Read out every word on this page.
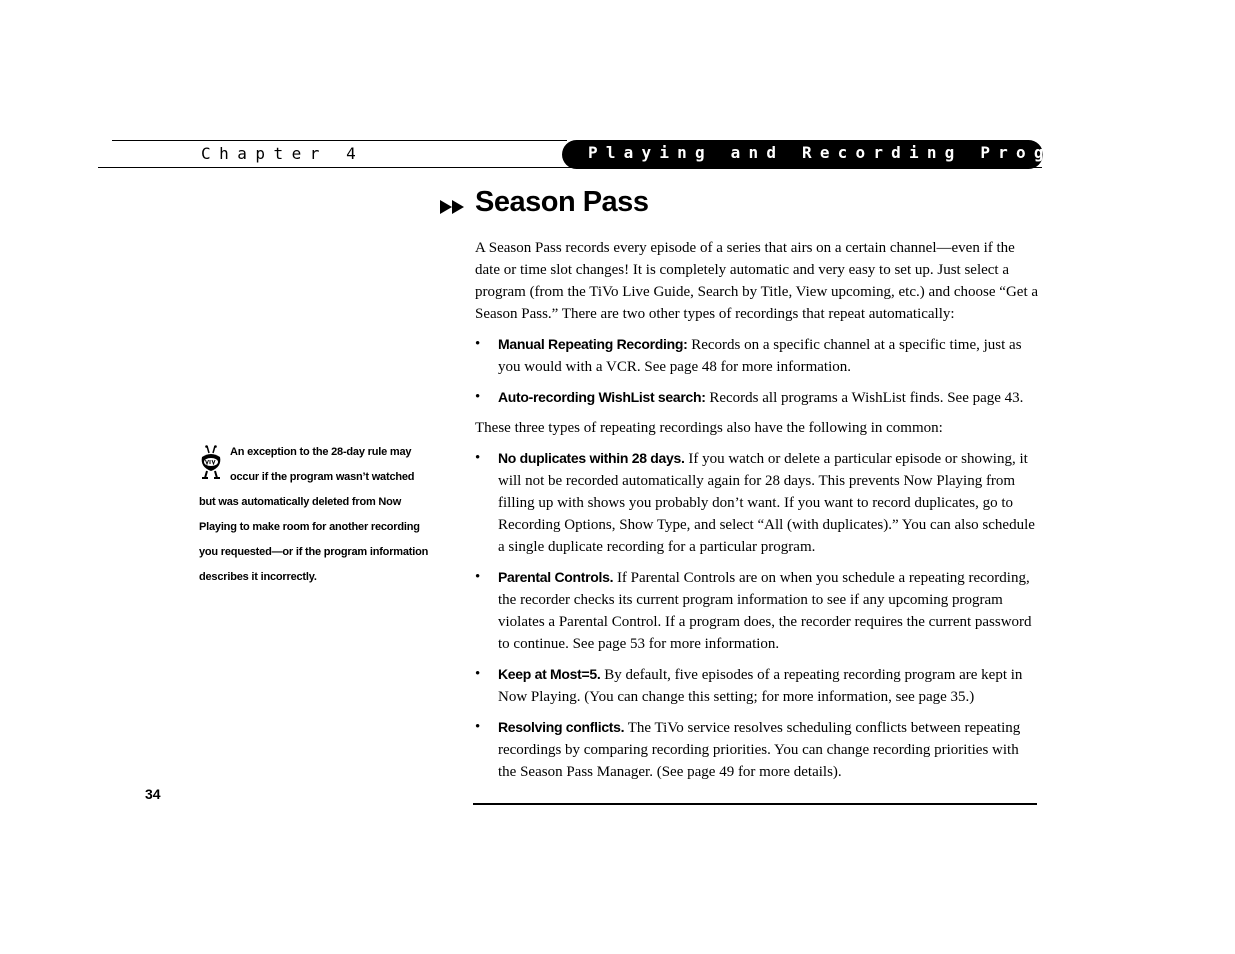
Chapter 4	Playing and Recording Programs
Season Pass

A Season Pass records every episode of a series that airs on a certain channel—even if the date or time slot changes! It is completely automatic and very easy to set up. Just select a program (from the TiVo Live Guide, Search by Title, View upcoming, etc.) and choose “Get a Season Pass.” There are two other types of recordings that repeat automatically:

• Manual Repeating Recording: Records on a specific channel at a specific time, just as you would with a VCR. See page 48 for more information.
• Auto-recording WishList search: Records all programs a WishList finds. See page 43.

These three types of repeating recordings also have the following in common:

• No duplicates within 28 days. If you watch or delete a particular episode or showing, it will not be recorded automatically again for 28 days. This prevents Now Playing from filling up with shows you probably don’t want. If you want to record duplicates, go to Recording Options, Show Type, and select “All (with duplicates).” You can also schedule a single duplicate recording for a particular program.
• Parental Controls. If Parental Controls are on when you schedule a repeating recording, the recorder checks its current program information to see if any upcoming program violates a Parental Control. If a program does, the recorder requires the current password to continue. See page 53 for more information.
• Keep at Most=5. By default, five episodes of a repeating recording program are kept in Now Playing. (You can change this setting; for more information, see page 35.)
• Resolving conflicts. The TiVo service resolves scheduling conflicts between repeating recordings by comparing recording priorities. You can change recording priorities with the Season Pass Manager. (See page 49 for more details).
An exception to the 28-day rule may occur if the program wasn’t watched but was automatically deleted from Now Playing to make room for another recording you requested—or if the program information describes it incorrectly.
34
